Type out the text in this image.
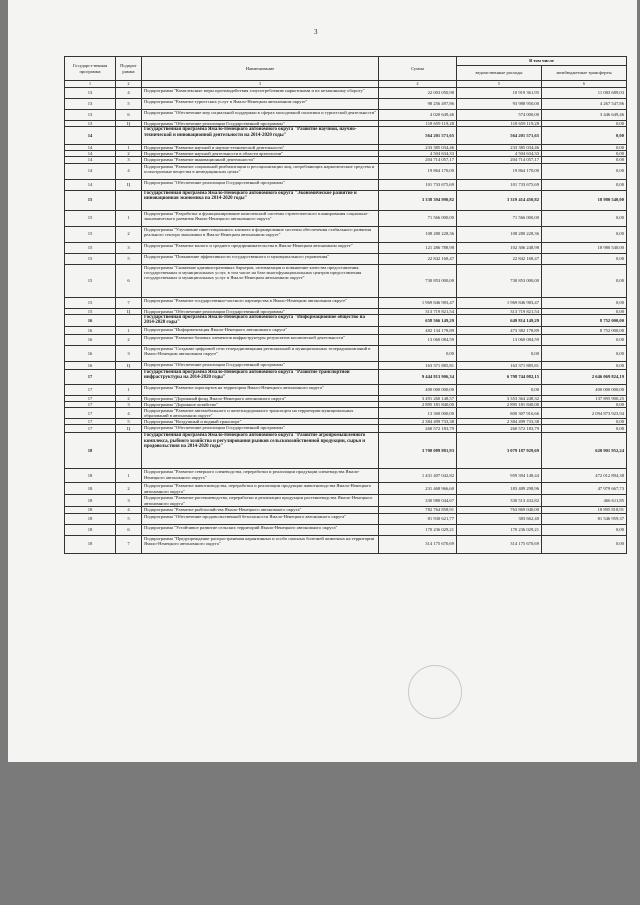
3
Государст-венная программа	Подпрог рамма	Наименование	Сумма	В том числе	
				ведомственные расходы	межбюджетные трансферты
1	2	3	4	5	6
13	4	Подпрограмма "Комплексные меры противодействия злоупотреблению наркотиками и их незаконному обороту"	22 003 050,98	10 919 361,95	11 083 689,03
13	5	Подпрограмма "Развитие туристских услуг в Ямало-Ненецком автономном округе"	98 256 497,86	93 988 950,00	4 267 547,86
13	6	Подпрограмма "Обеспечение мер социальной поддержки в сферах молодежной политики и туристской деятельности"	4 020 649,46	574 000,00	3 446 649,46
13	Ц	Подпрограмма "Обеспечение реализации Государственной программы"	118 659 119,28	118 659 119,28	0,00
14		Государственная программа Ямало-Ненецкого автономного округа "Развитие научной, научно-технической и инновационной деятельности на 2014-2020 годы"	564 201 571,65	564 201 571,65	0,00
14	1	Подпрограмма "Развитие научной и научно-технической деятельности"	233 385 034,46	233 385 034,46	0,00
14	2	Подпрограмма "Развитие научной деятельности в области археологии"	4 504 634,33	4 504 634,33	0,00
14	3	Подпрограмма "Развитие инновационной деятельности"	204 714 057,17	204 714 057,17	0,00
14	4	Подпрограмма "Развитие социальной реабилитации и ресоциализации лиц, потребляющих наркотические средства и психотропные вещества в немедицинских целях"	19 864 170,00	19 864 170,00	0,00
14	Ц	Подпрограмма "Обеспечение реализации Государственной программы"	101 733 675,69	101 733 675,69	0,00
15		Государственная программа Ямало-Ненецкого автономного округа "Экономическое развитие и инновационная экономика на 2014-2020 годы"	3 338 394 990,82	3 319 414 450,82	18 980 540,00
15	1	Подпрограмма "Разработка и функционирование комплексной системы стратегического планирования социально-экономического развития Ямало-Ненецкого автономного округа"	71 566 000,00	71 566 000,00	0,00
15	2	Подпрограмма "Улучшение инвестиционного климата и формирование системы обеспечения стабильного развития реального сектора экономики в Ямало-Ненецком автономном округе"	108 280 228,36	108 280 228,36	0,00
15	3	Подпрограмма "Развитие малого и среднего предпринимательства в Ямало-Ненецком автономном округе"	121 286 788,98	102 306 248,98	18 980 540,00
15	5	Подпрограмма "Повышение эффективности государственного и муниципального управления"	22 842 168,47	22 842 168,47	0,00
15	6	Подпрограмма "Снижение административных барьеров, оптимизация и повышение качества предоставления государственных и муниципальных услуг, в том числе на базе многофункциональных центров предоставления государственных и муниципальных услуг в Ямало-Ненецком автономном округе"	730 853 000,00	730 853 000,00	0,00
15	7	Подпрограмма "Развитие государственно-частного партнерства в Ямало-Ненецком автономном округе"	1 969 846 983,47	1 969 846 983,47	0,00
15	Ц	Подпрограмма "Обеспечение реализации Государственной программы"	313 719 821,54	313 719 821,54	0,00
16		Государственная программа Ямало-Ненецкого автономного округа "Информационное общество на 2014-2020 годы"	658 566 149,29	649 814 149,29	8 752 000,00
16	1	Подпрограмма "Информатизация Ямало-Ненецкого автономного округа"	482 134 178,89	473 382 178,89	8 752 000,00
16	2	Подпрограмма "Развитие базовых элементов инфраструктуры результатов космической деятельности"	13 060 084,59	13 060 084,59	0,00
16	3	Подпрограмма "Создание цифровой сети телерадиовещания региональной и муниципальных телерадиокомпаний в Ямало-Ненецком автономном округе"	0,00	0,00	0,00
16	Ц	Подпрограмма "Обеспечение реализации Государственной программы"	163 371 885,81	163 371 885,81	0,00
17		Государственная программа Ямало-Ненецкого автономного округа "Развитие транспортной инфраструктуры на 2014-2020 годы"	9 444 813 906,34	6 798 744 082,15	2 646 069 824,19
17	1	Подпрограмма "Развитие аэропортов на территории Ямало-Ненецкого автономного округа"	400 000 000,00	0,00	400 000 000,00
17	2	Подпрограмма "Дорожный фонд Ямало-Ненецкого автономного округа"	3 491 260 148,57	3 353 364 248,32	137 895 900,25
17	3	Подпрограмма "Дорожное хозяйство"	2 895 181 840,00	2 895 181 840,00	0,00
17	4	Подпрограмма "Развитие автомобильного и железнодорожного транспорта на территории муниципальных образований в автономном округе"	13 300 000,00	800 307 916,66	2 094 873 923,94
17	5	Подпрограмма "Воздушный и водный транспорт"	2 384 499 733,38	2 384 499 733,38	0,00
17	Ц	Подпрограмма "Обеспечение реализации Государственной программы"	260 572 183,79	260 572 183,79	0,00
18		Государственная программа Ямало-Ненецкого автономного округа "Развитие агропромышленного комплекса, рыбного хозяйства и регулирования рынков сельскохозяйственной продукции, сырья и продовольствия на 2014-2020 годы"	3 700 089 881,93	3 079 187 929,69	620 901 952,24
18	1	Подпрограмма "Развитие северного оленеводства, переработки и реализации продукции оленеводства Ямало-Ненецкого автономного округа"	1 431 407 042,82	959 394 148,44	472 012 894,38
18	2	Подпрограмма "Развитие животноводства, переработки и реализации продукции животноводства Ямало-Ненецкого автономного округа"	231 468 966,60	183 489 298,96	47 979 667,73
18	3	Подпрограмма "Развитие растениеводства, переработки и реализации продукции растениеводства Ямало-Ненецкого автономного округа"	330 980 044,67	330 513 432,82	466 611,85
18	4	Подпрограмма "Развитие рыбохозяйства Ямало-Ненецкого автономного округа"	782 764 858,91	763 869 040,00	18 895 818,91
18	5	Подпрограмма "Обеспечение продовольственной безопасности Ямало-Ненецкого автономного округа"	81 930 621,77	383 662,40	81 546 959,37
18	6	Подпрограмма "Устойчивое развитие сельских территорий Ямало-Ненецкого автономного округа"	170 236 029,21	170 236 029,21	0,00
18	7	Подпрограмма "Предупреждение распространения карантинных и особо опасных болезней животных на территории Ямало-Ненецкого автономного округа"	314 175 670,69	314 175 670,69	0,00
